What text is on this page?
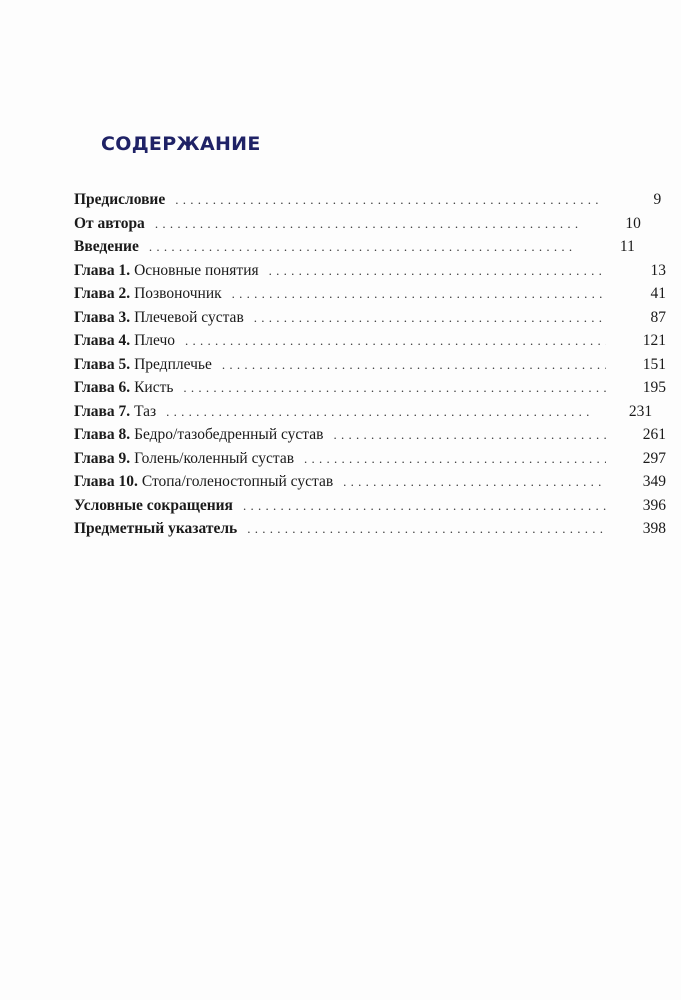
СОДЕРЖАНИЕ
Предисловие . . .	9
От автора . . .	10
Введение . . .	11
Глава 1. Основные понятия . . .	13
Глава 2. Позвоночник . . .	41
Глава 3. Плечевой сустав . . .	87
Глава 4. Плечо . . .	121
Глава 5. Предплечье . . .	151
Глава 6. Кисть . . .	195
Глава 7. Таз . . .	231
Глава 8. Бедро/тазобедренный сустав . . .	261
Глава 9. Голень/коленный сустав . . .	297
Глава 10. Стопа/голеностопный сустав . . .	349
Условные сокращения . . .	396
Предметный указатель . . .	398
